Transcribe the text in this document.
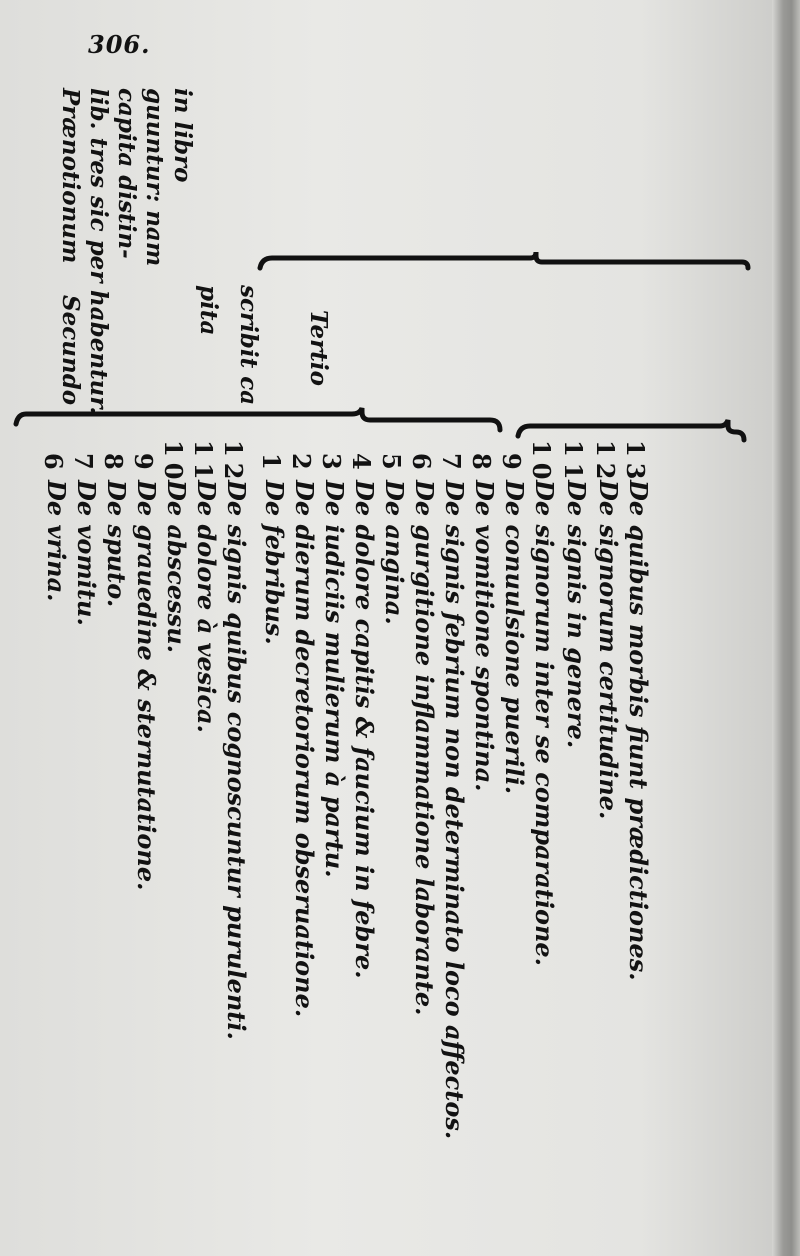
306.
Prænotionum lib. tres sic per capita distin- guuntur: nam in libro
Secundo habentur.	Tertio
scribit ca
pita
6
De vrina.
7
De vomitu.
8
De sputo.
9
De grauedine & sternutatione.
10
De abscessu.
11
De dolore à vesica.
12
De signis quibus cognoscuntur purulenti.
1
De febribus.
2
De dierum decretoriorum obseruatione.
3
De iudiciis mulierum à partu.
4
De dolore capitis & faucium in febre.
5
De angina.
6
De gurgitione inflammatione laborante.
7
De signis febrium non determinato loco affectos.
8
De vomitione spontina.
9
De conuulsione puerili.
10
De signorum inter se comparatione.
11
De signis in genere.
12
De signorum certitudine.
13
De quibus morbis fiunt prædictiones.
